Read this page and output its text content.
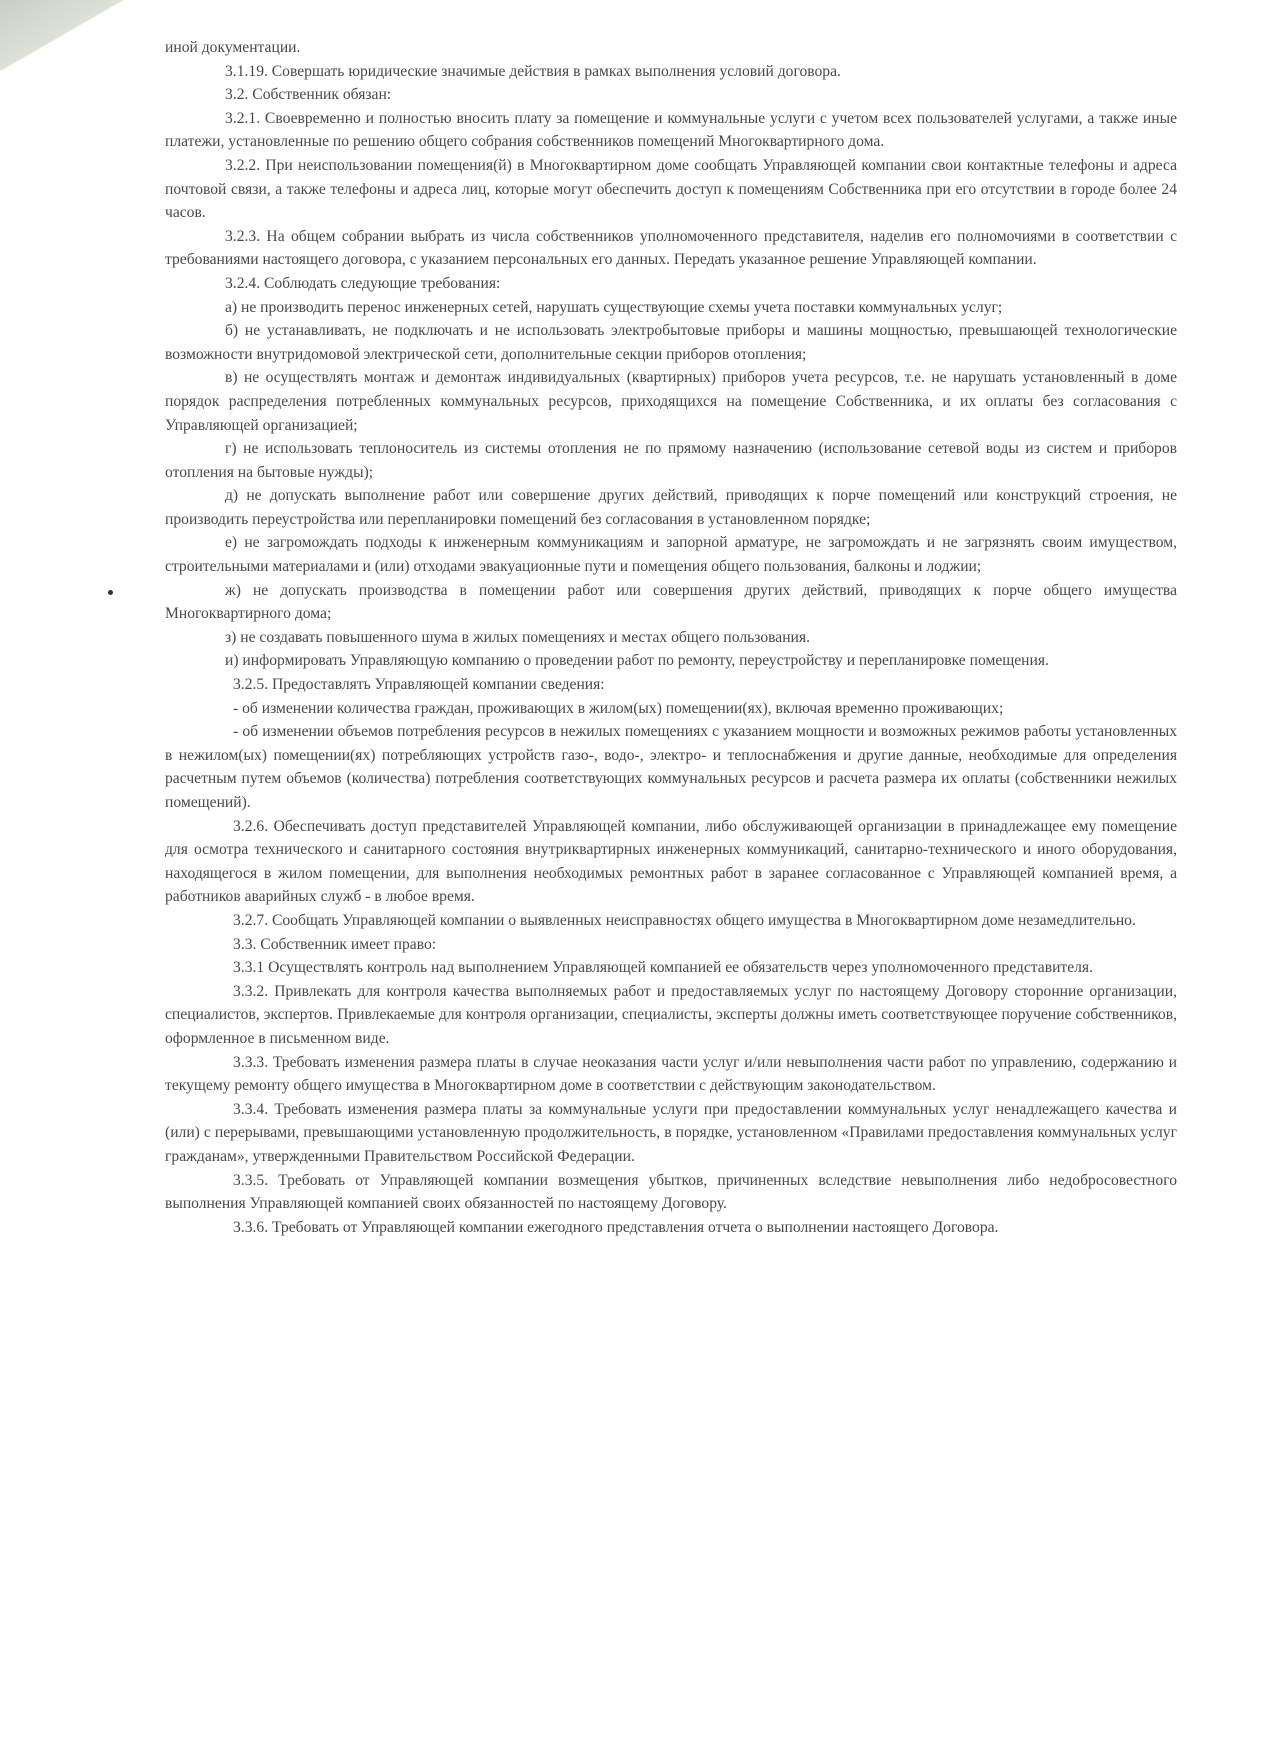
иной документации.

3.1.19. Совершать юридические значимые действия в рамках выполнения условий договора.

3.2. Собственник обязан:

3.2.1. Своевременно и полностью вносить плату за помещение и коммунальные услуги с учетом всех пользователей услугами, а также иные платежи, установленные по решению общего собрания собственников помещений Многоквартирного дома.

3.2.2. При неиспользовании помещения(й) в Многоквартирном доме сообщать Управляющей компании свои контактные телефоны и адреса почтовой связи, а также телефоны и адреса лиц, которые могут обеспечить доступ к помещениям Собственника при его отсутствии в городе более 24 часов.

3.2.3. На общем собрании выбрать из числа собственников уполномоченного представителя, наделив его полномочиями в соответствии с требованиями настоящего договора, с указанием персональных его данных. Передать указанное решение Управляющей компании.

3.2.4. Соблюдать следующие требования:

а) не производить перенос инженерных сетей, нарушать существующие схемы учета поставки коммунальных услуг;

б) не устанавливать, не подключать и не использовать электробытовые приборы и машины мощностью, превышающей технологические возможности внутридомовой электрической сети, дополнительные секции приборов отопления;

в) не осуществлять монтаж и демонтаж индивидуальных (квартирных) приборов учета ресурсов, т.е. не нарушать установленный в доме порядок распределения потребленных коммунальных ресурсов, приходящихся на помещение Собственника, и их оплаты без согласования с Управляющей организацией;

г) не использовать теплоноситель из системы отопления не по прямому назначению (использование сетевой воды из систем и приборов отопления на бытовые нужды);

д) не допускать выполнение работ или совершение других действий, приводящих к порче помещений или конструкций строения, не производить переустройства или перепланировки помещений без согласования в установленном порядке;

е) не загромождать подходы к инженерным коммуникациям и запорной арматуре, не загромождать и не загрязнять своим имуществом, строительными материалами и (или) отходами эвакуационные пути и помещения общего пользования, балконы и лоджии;

ж) не допускать производства в помещении работ или совершения других действий, приводящих к порче общего имущества Многоквартирного дома;

з) не создавать повышенного шума в жилых помещениях и местах общего пользования.

и) информировать Управляющую компанию о проведении работ по ремонту, переустройству и перепланировке помещения.

3.2.5. Предоставлять Управляющей компании сведения:

- об изменении количества граждан, проживающих в жилом(ых) помещении(ях), включая временно проживающих;

- об изменении объемов потребления ресурсов в нежилых помещениях с указанием мощности и возможных режимов работы установленных в нежилом(ых) помещении(ях) потребляющих устройств газо-, водо-, электро- и теплоснабжения и другие данные, необходимые для определения расчетным путем объемов (количества) потребления соответствующих коммунальных ресурсов и расчета размера их оплаты (собственники нежилых помещений).

3.2.6. Обеспечивать доступ представителей Управляющей компании, либо обслуживающей организации в принадлежащее ему помещение для осмотра технического и санитарного состояния внутриквартирных инженерных коммуникаций, санитарно-технического и иного оборудования, находящегося в жилом помещении, для выполнения необходимых ремонтных работ в заранее согласованное с Управляющей компанией время, а работников аварийных служб - в любое время.

3.2.7. Сообщать Управляющей компании о выявленных неисправностях общего имущества в Многоквартирном доме незамедлительно.

3.3. Собственник имеет право:

3.3.1 Осуществлять контроль над выполнением Управляющей компанией ее обязательств через уполномоченного представителя.

3.3.2. Привлекать для контроля качества выполняемых работ и предоставляемых услуг по настоящему Договору сторонние организации, специалистов, экспертов. Привлекаемые для контроля организации, специалисты, эксперты должны иметь соответствующее поручение собственников, оформленное в письменном виде.

3.3.3. Требовать изменения размера платы в случае неоказания части услуг и/или невыполнения части работ по управлению, содержанию и текущему ремонту общего имущества в Многоквартирном доме в соответствии с действующим законодательством.

3.3.4. Требовать изменения размера платы за коммунальные услуги при предоставлении коммунальных услуг ненадлежащего качества и (или) с перерывами, превышающими установленную продолжительность, в порядке, установленном «Правилами предоставления коммунальных услуг гражданам», утвержденными Правительством Российской Федерации.

3.3.5. Требовать от Управляющей компании возмещения убытков, причиненных вследствие невыполнения либо недобросовестного выполнения Управляющей компанией своих обязанностей по настоящему Договору.

3.3.6. Требовать от Управляющей компании ежегодного представления отчета о выполнении настоящего Договора.
